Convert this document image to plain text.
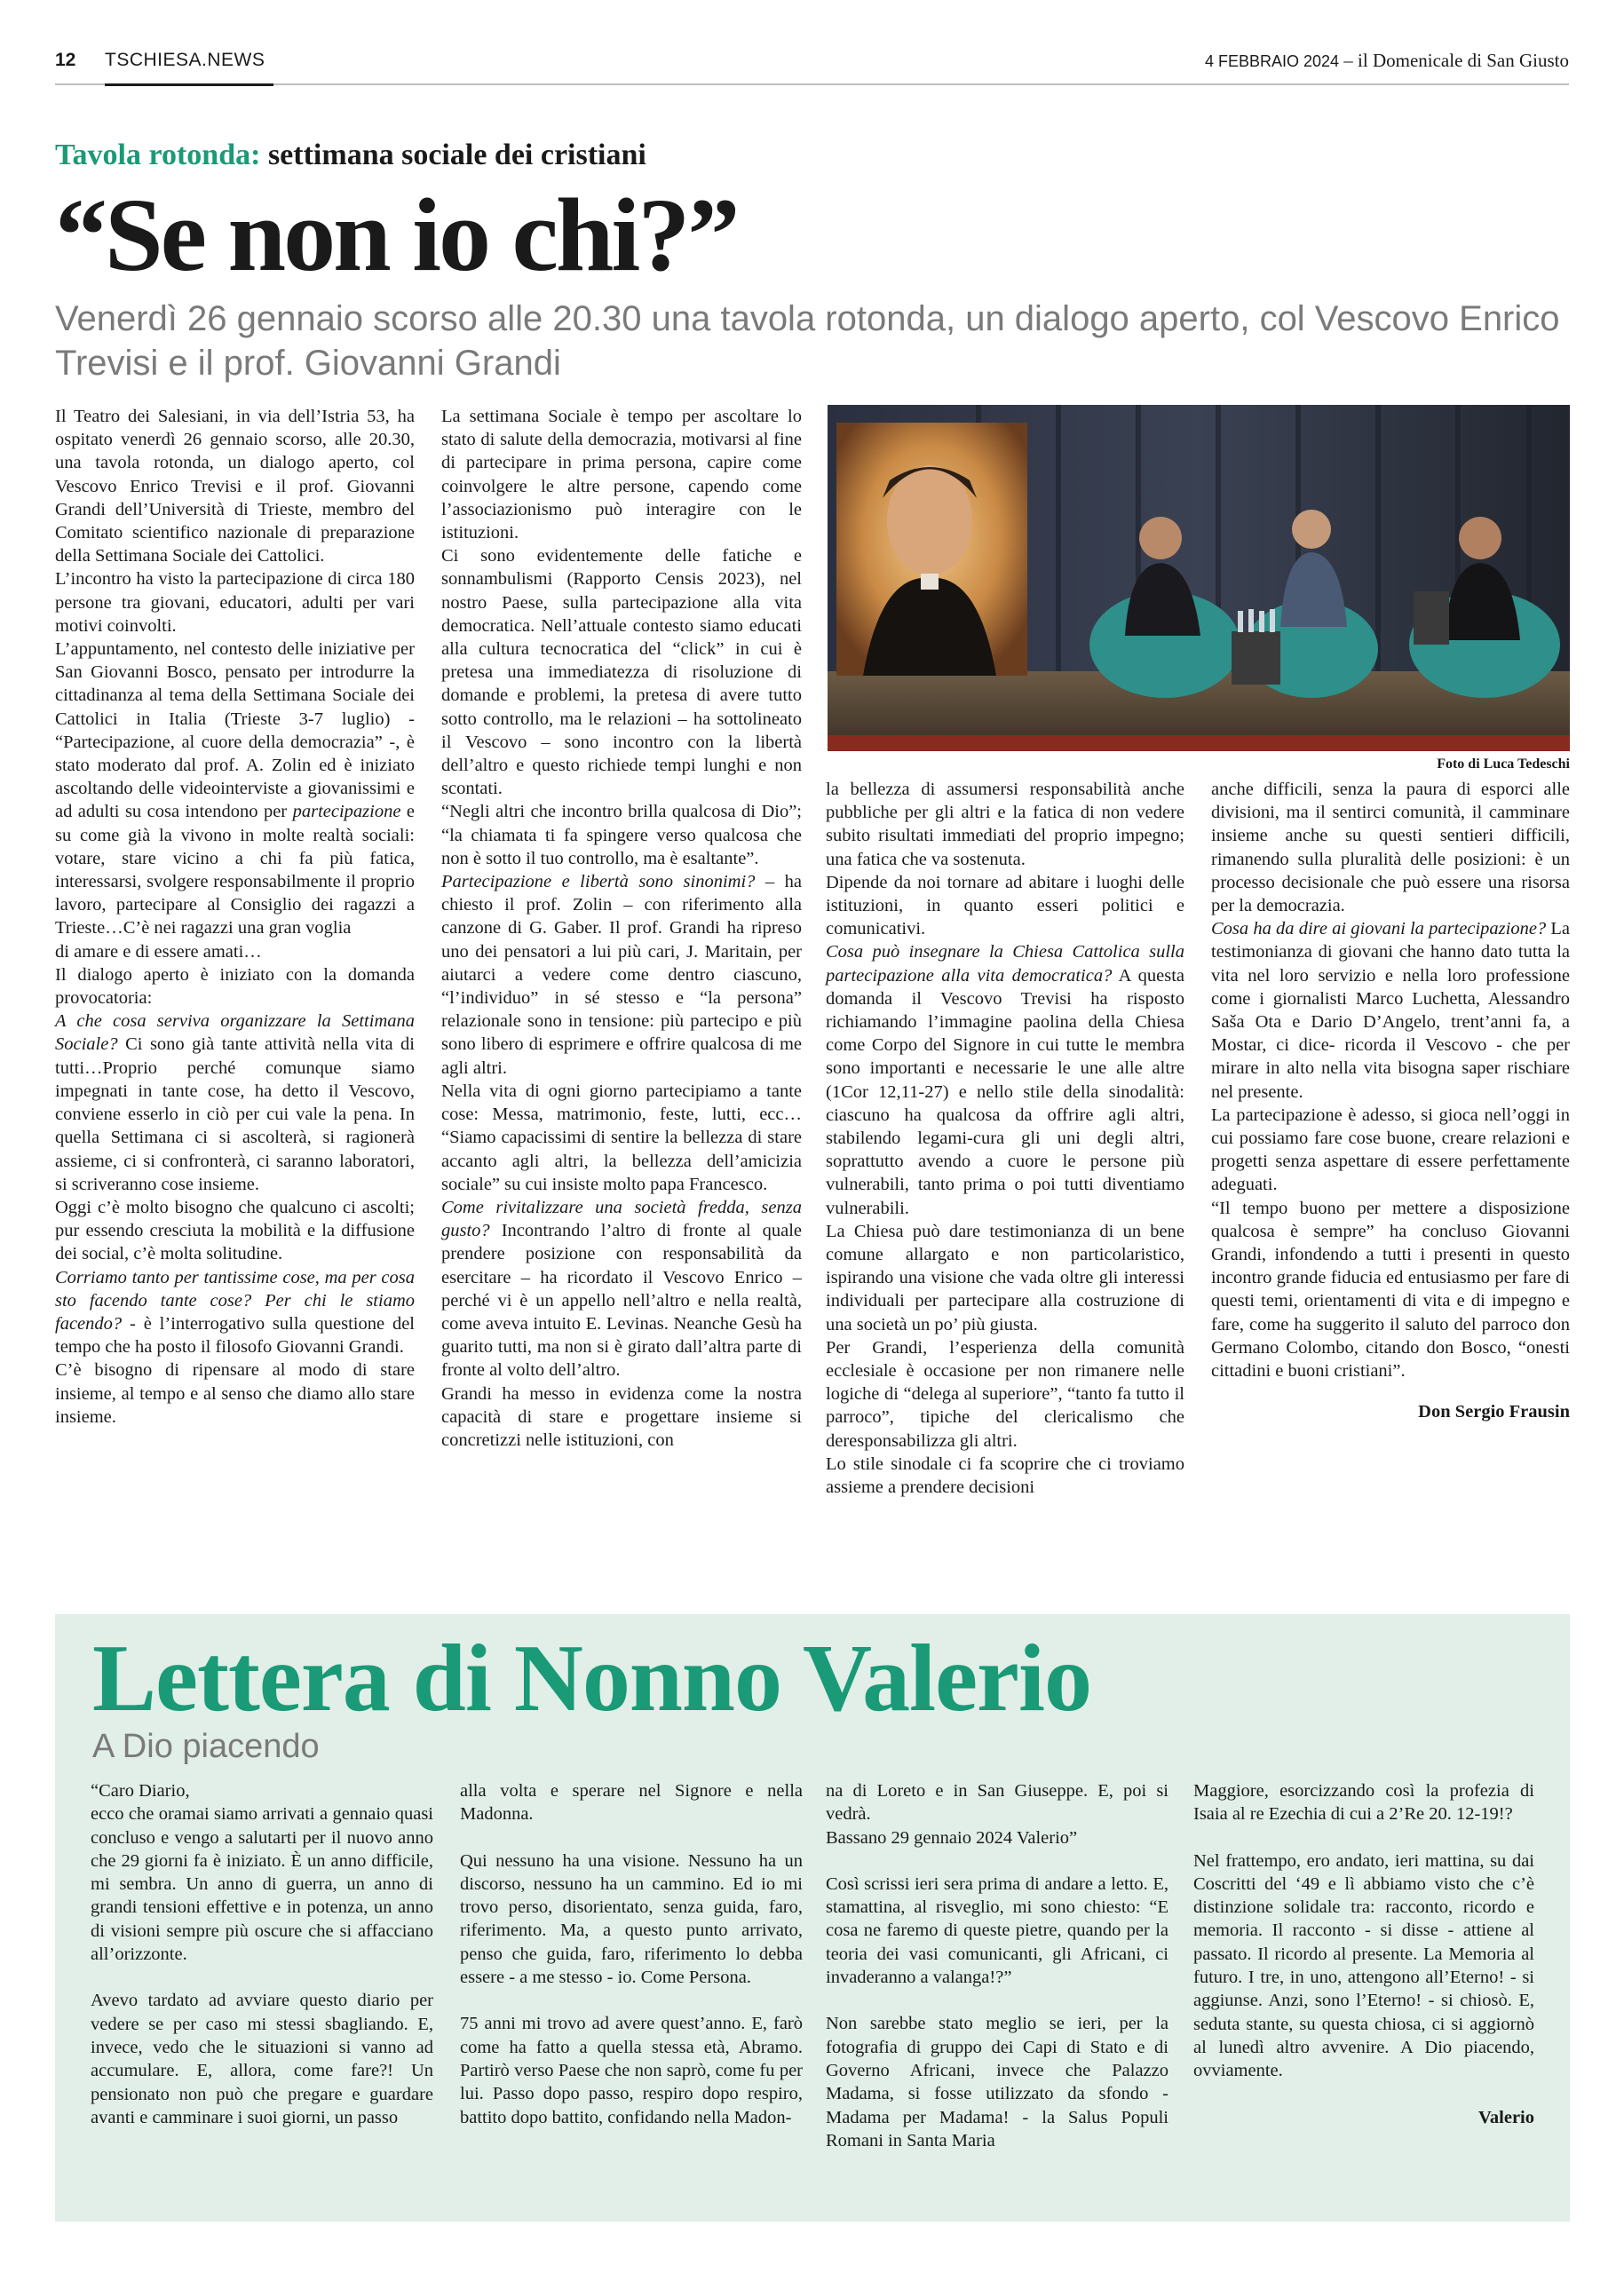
12 TSCHIESA.NEWS	4 FEBBRAIO 2024 – il Domenicale di San Giusto
Tavola rotonda: settimana sociale dei cristiani
“Se non io chi?”
Venerdì 26 gennaio scorso alle 20.30 una tavola rotonda, un dialogo aperto, col Vescovo Enrico Trevisi e il prof. Giovanni Grandi

Il Teatro dei Salesiani, in via dell’Istria 53, ha ospitato venerdì 26 gennaio scorso, alle 20.30, una tavola rotonda, un dialogo aperto, col Vescovo Enrico Trevisi e il prof. Giovanni Grandi dell’Università di Trieste, membro del Comitato scientifico nazionale di preparazione della Settimana Sociale dei Cattolici.

L’incontro ha visto la partecipazione di circa 180 persone tra giovani, educatori, adulti per vari motivi coinvolti.

L’appuntamento, nel contesto delle iniziative per San Giovanni Bosco, pensato per introdurre la cittadinanza al tema della Settimana Sociale dei Cattolici in Italia (Trieste 3-7 luglio) - “Partecipazione, al cuore della democrazia” -, è stato moderato dal prof. A. Zolin ed è iniziato ascoltando delle videointerviste a giovanissimi e ad adulti su cosa intendono per partecipazione e su come già la vivono in molte realtà sociali: votare, stare vicino a chi fa più fatica, interessarsi, svolgere responsabilmente il proprio lavoro, partecipare al Consiglio dei ragazzi a Trieste…C’è nei ragazzi una gran voglia

di amare e di essere amati…

Il dialogo aperto è iniziato con la domanda provocatoria:

A che cosa serviva organizzare la Settimana Sociale? Ci sono già tante attività nella vita di tutti…Proprio perché comunque siamo impegnati in tante cose, ha detto il Vescovo, conviene esserlo in ciò per cui vale la pena. In quella Settimana ci si ascolterà, si ragionerà assieme, ci si confronterà, ci saranno laboratori, si scriveranno cose insieme.

Oggi c’è molto bisogno che qualcuno ci ascolti; pur essendo cresciuta la mobilità e la diffusione dei social, c’è molta solitudine.

Corriamo tanto per tantissime cose, ma per cosa sto facendo tante cose? Per chi le stiamo facendo? - è l’interrogativo sulla questione del tempo che ha posto il filosofo Giovanni Grandi.

C’è bisogno di ripensare al modo di stare insieme, al tempo e al senso che diamo allo stare insieme.

La settimana Sociale è tempo per ascoltare lo stato di salute della democrazia, motivarsi al fine di partecipare in prima persona, capire come coinvolgere le altre persone, capendo come l’associazionismo può interagire con le istituzioni.

Ci sono evidentemente delle fatiche e sonnambulismi (Rapporto Censis 2023), nel nostro Paese, sulla partecipazione alla vita democratica. Nell’attuale contesto siamo educati alla cultura tecnocratica del “click” in cui è pretesa una immediatezza di risoluzione di domande e problemi, la pretesa di avere tutto sotto controllo, ma le relazioni – ha sottolineato il Vescovo – sono incontro con la libertà dell’altro e questo richiede tempi lunghi e non scontati.

“Negli altri che incontro brilla qualcosa di Dio”; “la chiamata ti fa spingere verso qualcosa che non è sotto il tuo controllo, ma è esaltante”.

Partecipazione e libertà sono sinonimi? – ha chiesto il prof. Zolin – con riferimento alla canzone di G. Gaber. Il prof. Grandi ha ripreso uno dei pensatori a lui più cari, J. Maritain, per aiutarci a vedere come dentro ciascuno, “l’individuo” in sé stesso e “la persona” relazionale sono in tensione: più partecipo e più sono libero di esprimere e offrire qualcosa di me agli altri.

Nella vita di ogni giorno partecipiamo a tante cose: Messa, matrimonio, feste, lutti, ecc… “Siamo capacissimi di sentire la bellezza di stare accanto agli altri, la bellezza dell’amicizia sociale” su cui insiste molto papa Francesco.

Come rivitalizzare una società fredda, senza gusto? Incontrando l’altro di fronte al quale prendere posizione con responsabilità da esercitare – ha ricordato il Vescovo Enrico – perché vi è un appello nell’altro e nella realtà, come aveva intuito E. Levinas. Neanche Gesù ha guarito tutti, ma non si è girato dall’altra parte di fronte al volto dell’altro.

Grandi ha messo in evidenza come la nostra capacità di stare e progettare insieme si concretizzi nelle istituzioni, con

Foto di Luca Tedeschi

la bellezza di assumersi responsabilità anche pubbliche per gli altri e la fatica di non vedere subito risultati immediati del proprio impegno; una fatica che va sostenuta.

Dipende da noi tornare ad abitare i luoghi delle istituzioni, in quanto esseri politici e comunicativi.

Cosa può insegnare la Chiesa Cattolica sulla partecipazione alla vita democratica? A questa domanda il Vescovo Trevisi ha risposto richiamando l’immagine paolina della Chiesa come Corpo del Signore in cui tutte le membra sono importanti e necessarie le une alle altre (1Cor 12,11-27) e nello stile della sinodalità: ciascuno ha qualcosa da offrire agli altri, stabilendo legami-cura gli uni degli altri, soprattutto avendo a cuore le persone più vulnerabili, tanto prima o poi tutti diventiamo vulnerabili.

La Chiesa può dare testimonianza di un bene comune allargato e non particolaristico, ispirando una visione che vada oltre gli interessi individuali per partecipare alla costruzione di una società un po’ più giusta.

Per Grandi, l’esperienza della comunità ecclesiale è occasione per non rimanere nelle logiche di “delega al superiore”, “tanto fa tutto il parroco”, tipiche del clericalismo che deresponsabilizza gli altri.

Lo stile sinodale ci fa scoprire che ci troviamo assieme a prendere decisioni

anche difficili, senza la paura di esporci alle divisioni, ma il sentirci comunità, il camminare insieme anche su questi sentieri difficili, rimanendo sulla pluralità delle posizioni: è un processo decisionale che può essere una risorsa per la democrazia.

Cosa ha da dire ai giovani la partecipazione? La testimonianza di giovani che hanno dato tutta la vita nel loro servizio e nella loro professione come i giornalisti Marco Luchetta, Alessandro Saša Ota e Dario D’Angelo, trent’anni fa, a Mostar, ci dice- ricorda il Vescovo - che per mirare in alto nella vita bisogna saper rischiare nel presente.

La partecipazione è adesso, si gioca nell’oggi in cui possiamo fare cose buone, creare relazioni e progetti senza aspettare di essere perfettamente adeguati.

“Il tempo buono per mettere a disposizione qualcosa è sempre” ha concluso Giovanni Grandi, infondendo a tutti i presenti in questo incontro grande fiducia ed entusiasmo per fare di questi temi, orientamenti di vita e di impegno e fare, come ha suggerito il saluto del parroco don Germano Colombo, citando don Bosco, “onesti cittadini e buoni cristiani”.

Don Sergio Frausin

Lettera di Nonno Valerio
A Dio piacendo

“Caro Diario,
ecco che oramai siamo arrivati a gennaio quasi concluso e vengo a salutarti per il nuovo anno che 29 giorni fa è iniziato. È un anno difficile, mi sembra. Un anno di guerra, un anno di grandi tensioni effettive e in potenza, un anno di visioni sempre più oscure che si affacciano all’orizzonte.

Avevo tardato ad avviare questo diario per vedere se per caso mi stessi sbagliando. E, invece, vedo che le situazioni si vanno ad accumulare. E, allora, come fare?! Un pensionato non può che pregare e guardare avanti e camminare i suoi giorni, un passo

alla volta e sperare nel Signore e nella Madonna.

Qui nessuno ha una visione. Nessuno ha un discorso, nessuno ha un cammino. Ed io mi trovo perso, disorientato, senza guida, faro, riferimento. Ma, a questo punto arrivato, penso che guida, faro, riferimento lo debba essere - a me stesso - io. Come Persona.

75 anni mi trovo ad avere quest’anno. E, farò come ha fatto a quella stessa età, Abramo. Partirò verso Paese che non saprò, come fu per lui. Passo dopo passo, respiro dopo respiro, battito dopo battito, confidando nella Madon-

na di Loreto e in San Giuseppe. E, poi si vedrà.
Bassano 29 gennaio 2024 Valerio”

Così scrissi ieri sera prima di andare a letto. E, stamattina, al risveglio, mi sono chiesto: “E cosa ne faremo di queste pietre, quando per la teoria dei vasi comunicanti, gli Africani, ci invaderanno a valanga!?”

Non sarebbe stato meglio se ieri, per la fotografia di gruppo dei Capi di Stato e di Governo Africani, invece che Palazzo Madama, si fosse utilizzato da sfondo - Madama per Madama! - la Salus Populi Romani in Santa Maria

Maggiore, esorcizzando così la profezia di Isaia al re Ezechia di cui a 2’Re 20. 12-19!?

Nel frattempo, ero andato, ieri mattina, su dai Coscritti del ‘49 e lì abbiamo visto che c’è distinzione solidale tra: racconto, ricordo e memoria. Il racconto - si disse - attiene al passato. Il ricordo al presente. La Memoria al futuro. I tre, in uno, attengono all’Eterno! - si aggiunse. Anzi, sono l’Eterno! - si chiosò. E, seduta stante, su questa chiosa, ci si aggiornò al lunedì altro avvenire. A Dio piacendo, ovviamente.

Valerio
